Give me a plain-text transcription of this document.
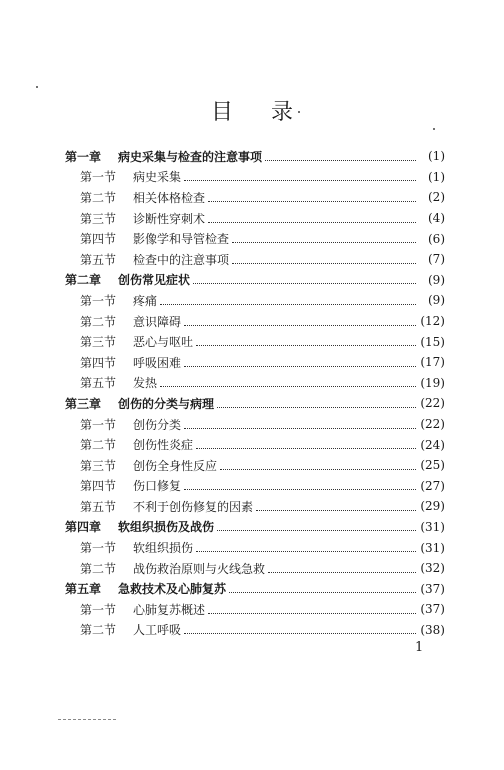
目 录
第一章	病史采集与检查的注意事项	(1)
第一节	病史采集	(1)
第二节	相关体格检查	(2)
第三节	诊断性穿刺术	(4)
第四节	影像学和导管检查	(6)
第五节	检查中的注意事项	(7)
第二章	创伤常见症状	(9)
第一节	疼痛	(9)
第二节	意识障碍	(12)
第三节	恶心与呕吐	(15)
第四节	呼吸困难	(17)
第五节	发热	(19)
第三章	创伤的分类与病理	(22)
第一节	创伤分类	(22)
第二节	创伤性炎症	(24)
第三节	创伤全身性反应	(25)
第四节	伤口修复	(27)
第五节	不利于创伤修复的因素	(29)
第四章	软组织损伤及战伤	(31)
第一节	软组织损伤	(31)
第二节	战伤救治原则与火线急救	(32)
第五章	急救技术及心肺复苏	(37)
第一节	心肺复苏概述	(37)
第二节	人工呼吸	(38)
1
